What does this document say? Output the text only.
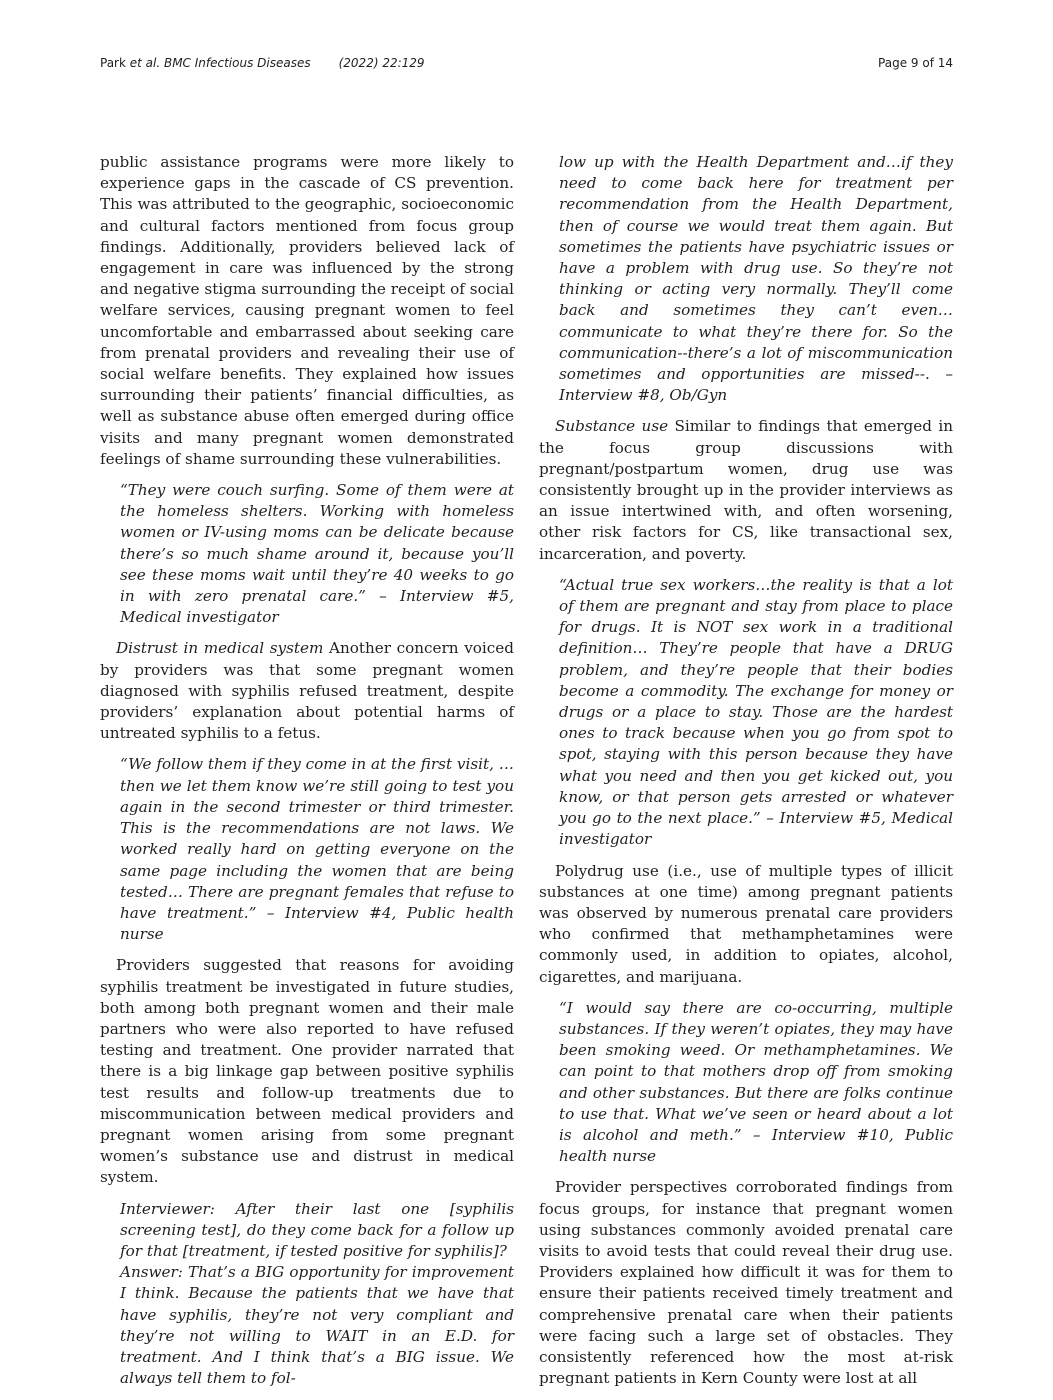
Park et al. BMC Infectious Diseases (2022) 22:129	Page 9 of 14

public assistance programs were more likely to experience gaps in the cascade of CS prevention. This was attributed to the geographic, socioeconomic and cultural factors mentioned from focus group findings. Additionally, providers believed lack of engagement in care was influenced by the strong and negative stigma surrounding the receipt of social welfare services, causing pregnant women to feel uncomfortable and embarrassed about seeking care from prenatal providers and revealing their use of social welfare benefits. They explained how issues surrounding their patients’ financial difficulties, as well as substance abuse often emerged during office visits and many pregnant women demonstrated feelings of shame surrounding these vulnerabilities.

“They were couch surfing. Some of them were at the homeless shelters. Working with homeless women or IV-using moms can be delicate because there’s so much shame around it, because you’ll see these moms wait until they’re 40 weeks to go in with zero prenatal care.” – Interview #5, Medical investigator

Distrust in medical system Another concern voiced by providers was that some pregnant women diagnosed with syphilis refused treatment, despite providers’ explanation about potential harms of untreated syphilis to a fetus.

“We follow them if they come in at the first visit, … then we let them know we’re still going to test you again in the second trimester or third trimester. This is the recommendations are not laws. We worked really hard on getting everyone on the same page including the women that are being tested… There are pregnant females that refuse to have treatment.” – Interview #4, Public health nurse

Providers suggested that reasons for avoiding syphilis treatment be investigated in future studies, both among both pregnant women and their male partners who were also reported to have refused testing and treatment. One provider narrated that there is a big linkage gap between positive syphilis test results and follow-up treatments due to miscommunication between medical providers and pregnant women arising from some pregnant women’s substance use and distrust in medical system.

Interviewer: After their last one [syphilis screening test], do they come back for a follow up for that [treatment, if tested positive for syphilis]?

Answer: That’s a BIG opportunity for improvement I think. Because the patients that we have that have syphilis, they’re not very compliant and they’re not willing to WAIT in an E.D. for treatment. And I think that’s a BIG issue. We always tell them to fol-

low up with the Health Department and…if they need to come back here for treatment per recommendation from the Health Department, then of course we would treat them again. But sometimes the patients have psychiatric issues or have a problem with drug use. So they’re not thinking or acting very normally. They’ll come back and sometimes they can’t even…communicate to what they’re there for. So the communication--there’s a lot of miscommunication sometimes and opportunities are missed--. – Interview #8, Ob/Gyn

Substance use Similar to findings that emerged in the focus group discussions with pregnant/postpartum women, drug use was consistently brought up in the provider interviews as an issue intertwined with, and often worsening, other risk factors for CS, like transactional sex, incarceration, and poverty.

“Actual true sex workers…the reality is that a lot of them are pregnant and stay from place to place for drugs. It is NOT sex work in a traditional definition… They’re people that have a DRUG problem, and they’re people that their bodies become a commodity. The exchange for money or drugs or a place to stay. Those are the hardest ones to track because when you go from spot to spot, staying with this person because they have what you need and then you get kicked out, you know, or that person gets arrested or whatever you go to the next place.” – Interview #5, Medical investigator

Polydrug use (i.e., use of multiple types of illicit substances at one time) among pregnant patients was observed by numerous prenatal care providers who confirmed that methamphetamines were commonly used, in addition to opiates, alcohol, cigarettes, and marijuana.

“I would say there are co-occurring, multiple substances. If they weren’t opiates, they may have been smoking weed. Or methamphetamines. We can point to that mothers drop off from smoking and other substances. But there are folks continue to use that. What we’ve seen or heard about a lot is alcohol and meth.” – Interview #10, Public health nurse

Provider perspectives corroborated findings from focus groups, for instance that pregnant women using substances commonly avoided prenatal care visits to avoid tests that could reveal their drug use. Providers explained how difficult it was for them to ensure their patients received timely treatment and comprehensive prenatal care when their patients were facing such a large set of obstacles. They consistently referenced how the most at-risk pregnant patients in Kern County were lost at all
